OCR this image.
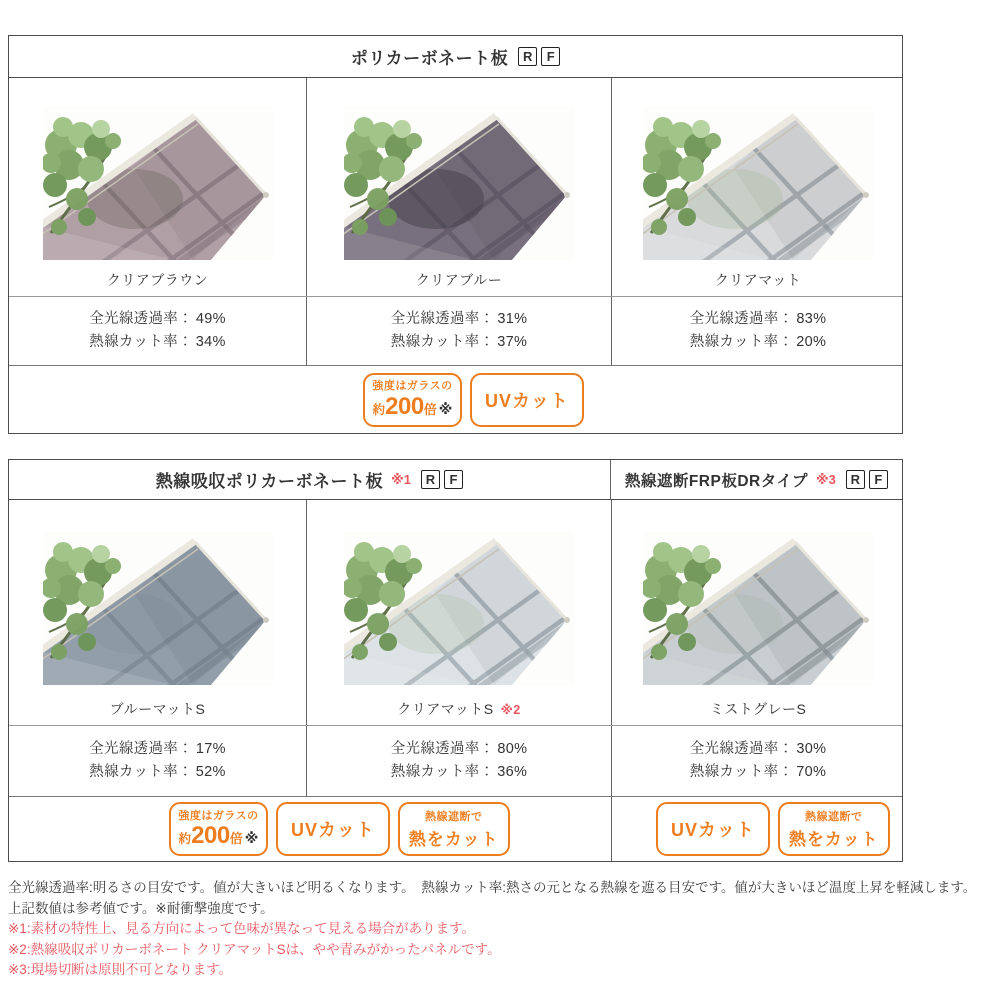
ポリカーボネート板	R	F
クリアブラウン	クリアブルー	クリアマット
全光線透過率： 49%
熱線カット率： 34%
全光線透過率： 31%
熱線カット率： 37%
全光線透過率： 83%
熱線カット率： 20%
強度はガラスの
約 200 倍 ※ UVカット
熱線吸収ポリカーボネート板 ※1	R	F	熱線遮断FRP板DRタイプ ※3	R	F
ブルーマットS	クリアマットS ※2	ミストグレーS
全光線透過率： 17%
熱線カット率： 52%
全光線透過率： 80%
熱線カット率： 36%
全光線透過率： 30%
熱線カット率： 70%
強度はガラスの
約 200 倍 ※ UVカット
熱線遮断で
熱をカット	UVカット
熱線遮断で
熱をカット

全光線透過率:明るさの目安です。値が大きいほど明るくなります。　熱線カット率:熱さの元となる熱線を遮る目安です。値が大きいほど温度上昇を軽減します。

上記数値は参考値です。※耐衝撃強度です。

※1:素材の特性上、見る方向によって色味が異なって見える場合があります。

※2:熱線吸収ポリカーボネート クリアマットSは、やや青みがかったパネルです。

※3:現場切断は原則不可となります。
